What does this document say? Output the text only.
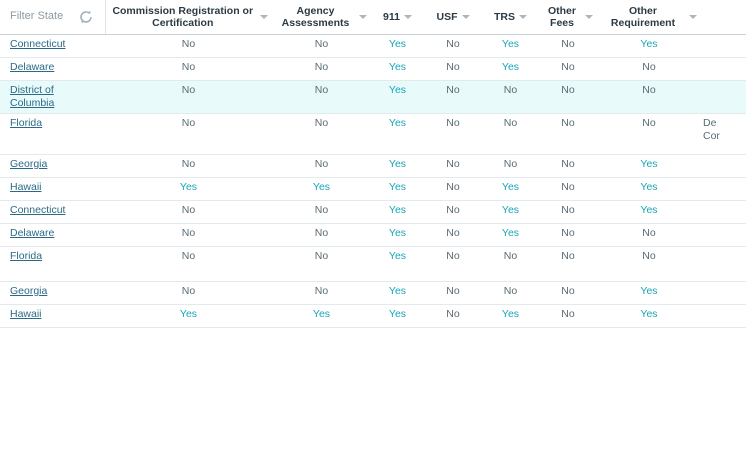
Filter State	Commission Registration or Certification	Agency Assessments	911	USF	TRS	Other Fees	Other Requirement	

Connecticut	No	No	Yes	No	Yes	No	Yes	
Delaware	No	No	Yes	No	Yes	No	No	
District of Columbia	No	No	Yes	No	No	No	No	
Florida	No	No	Yes	No	No	No	No	De
Cor

Georgia	No	No	Yes	No	No	No	Yes	
Hawaii	Yes	Yes	Yes	No	Yes	No	Yes	
Connecticut	No	No	Yes	No	Yes	No	Yes	
Delaware	No	No	Yes	No	Yes	No	No	
Florida	No	No	Yes	No	No	No	No	
Georgia	No	No	Yes	No	No	No	Yes	
Hawaii	Yes	Yes	Yes	No	Yes	No	Yes	
